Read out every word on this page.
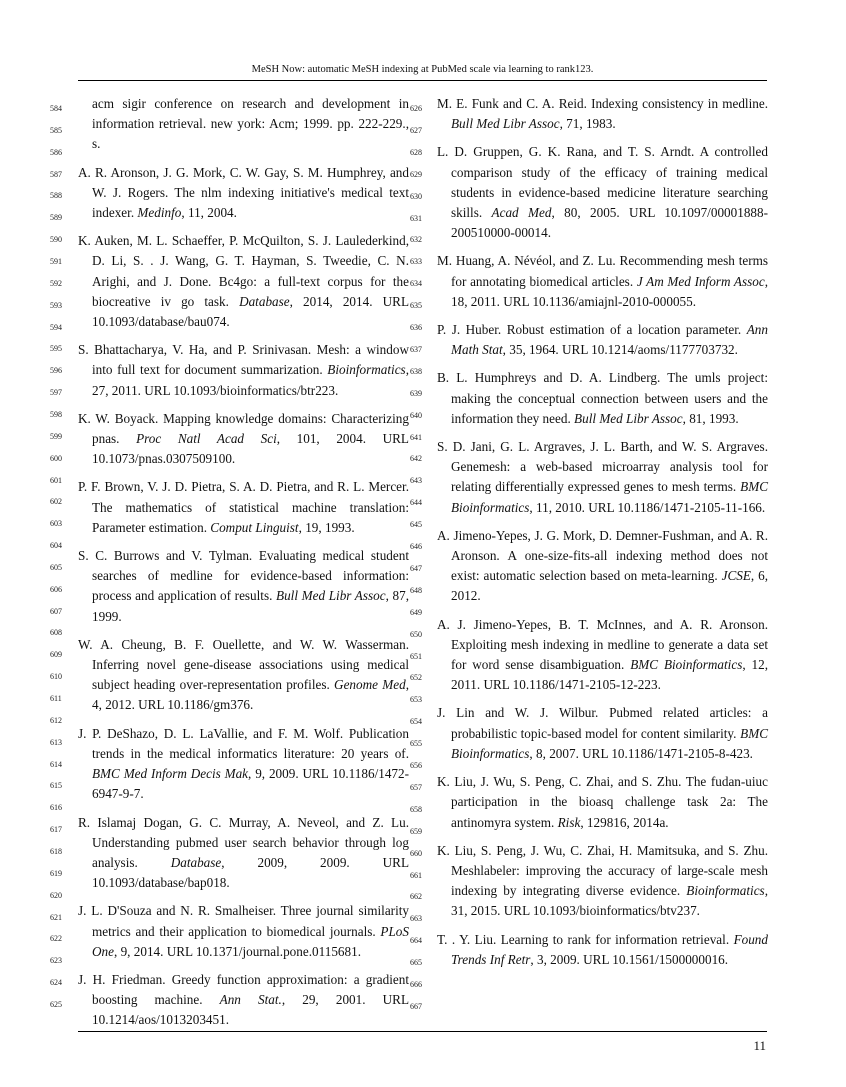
MeSH Now: automatic MeSH indexing at PubMed scale via learning to rank123.
584
585
586
587
588
589
590
591
592
593
594
595
596
597
598
599
600
601
602
603
604
605
606
607
608
609
610
611
612
613
614
615
616
617
618
619
620
621
622
623
624
625
626
627
628
629
630
631
632
633
634
635
636
637
638
639
640
641
642
643
644
645
646
647
648
649
650
651
652
653
654
655
656
657
658
659
660
661
662
663
664
665
666
667

acm sigir conference on research and development in information retrieval. new york: Acm; 1999. pp. 222-229., s.

A. R. Aronson, J. G. Mork, C. W. Gay, S. M. Humphrey, and W. J. Rogers. The nlm indexing initiative's medical text indexer. Medinfo, 11, 2004.

K. Auken, M. L. Schaeffer, P. McQuilton, S. J. Laulederkind, D. Li, S. . J. Wang, G. T. Hayman, S. Tweedie, C. N. Arighi, and J. Done. Bc4go: a full-text corpus for the biocreative iv go task. Database, 2014, 2014. URL 10.1093/database/bau074.

S. Bhattacharya, V. Ha, and P. Srinivasan. Mesh: a window into full text for document summarization. Bioinformatics, 27, 2011. URL 10.1093/bioinformatics/btr223.

K. W. Boyack. Mapping knowledge domains: Characterizing pnas. Proc Natl Acad Sci, 101, 2004. URL 10.1073/pnas.0307509100.

P. F. Brown, V. J. D. Pietra, S. A. D. Pietra, and R. L. Mercer. The mathematics of statistical machine translation: Parameter estimation. Comput Linguist, 19, 1993.

S. C. Burrows and V. Tylman. Evaluating medical student searches of medline for evidence-based information: process and application of results. Bull Med Libr Assoc, 87, 1999.

W. A. Cheung, B. F. Ouellette, and W. W. Wasserman. Inferring novel gene-disease associations using medical subject heading over-representation profiles. Genome Med, 4, 2012. URL 10.1186/gm376.

J. P. DeShazo, D. L. LaVallie, and F. M. Wolf. Publication trends in the medical informatics literature: 20 years of. BMC Med Inform Decis Mak, 9, 2009. URL 10.1186/1472-6947-9-7.

R. Islamaj Dogan, G. C. Murray, A. Neveol, and Z. Lu. Understanding pubmed user search behavior through log analysis. Database, 2009, 2009. URL 10.1093/database/bap018.

J. L. D'Souza and N. R. Smalheiser. Three journal similarity metrics and their application to biomedical journals. PLoS One, 9, 2014. URL 10.1371/journal.pone.0115681.

J. H. Friedman. Greedy function approximation: a gradient boosting machine. Ann Stat., 29, 2001. URL 10.1214/aos/1013203451.

M. E. Funk and C. A. Reid. Indexing consistency in medline. Bull Med Libr Assoc, 71, 1983.

L. D. Gruppen, G. K. Rana, and T. S. Arndt. A controlled comparison study of the efficacy of training medical students in evidence-based medicine literature searching skills. Acad Med, 80, 2005. URL 10.1097/00001888-200510000-00014.

M. Huang, A. Névéol, and Z. Lu. Recommending mesh terms for annotating biomedical articles. J Am Med Inform Assoc, 18, 2011. URL 10.1136/amiajnl-2010-000055.

P. J. Huber. Robust estimation of a location parameter. Ann Math Stat, 35, 1964. URL 10.1214/aoms/1177703732.

B. L. Humphreys and D. A. Lindberg. The umls project: making the conceptual connection between users and the information they need. Bull Med Libr Assoc, 81, 1993.

S. D. Jani, G. L. Argraves, J. L. Barth, and W. S. Argraves. Genemesh: a web-based microarray analysis tool for relating differentially expressed genes to mesh terms. BMC Bioinformatics, 11, 2010. URL 10.1186/1471-2105-11-166.

A. Jimeno-Yepes, J. G. Mork, D. Demner-Fushman, and A. R. Aronson. A one-size-fits-all indexing method does not exist: automatic selection based on meta-learning. JCSE, 6, 2012.

A. J. Jimeno-Yepes, B. T. McInnes, and A. R. Aronson. Exploiting mesh indexing in medline to generate a data set for word sense disambiguation. BMC Bioinformatics, 12, 2011. URL 10.1186/1471-2105-12-223.

J. Lin and W. J. Wilbur. Pubmed related articles: a probabilistic topic-based model for content similarity. BMC Bioinformatics, 8, 2007. URL 10.1186/1471-2105-8-423.

K. Liu, J. Wu, S. Peng, C. Zhai, and S. Zhu. The fudan-uiuc participation in the bioasq challenge task 2a: The antinomyra system. Risk, 129816, 2014a.

K. Liu, S. Peng, J. Wu, C. Zhai, H. Mamitsuka, and S. Zhu. Meshlabeler: improving the accuracy of large-scale mesh indexing by integrating diverse evidence. Bioinformatics, 31, 2015. URL 10.1093/bioinformatics/btv237.

T. . Y. Liu. Learning to rank for information retrieval. Found Trends Inf Retr, 3, 2009. URL 10.1561/1500000016.

11
